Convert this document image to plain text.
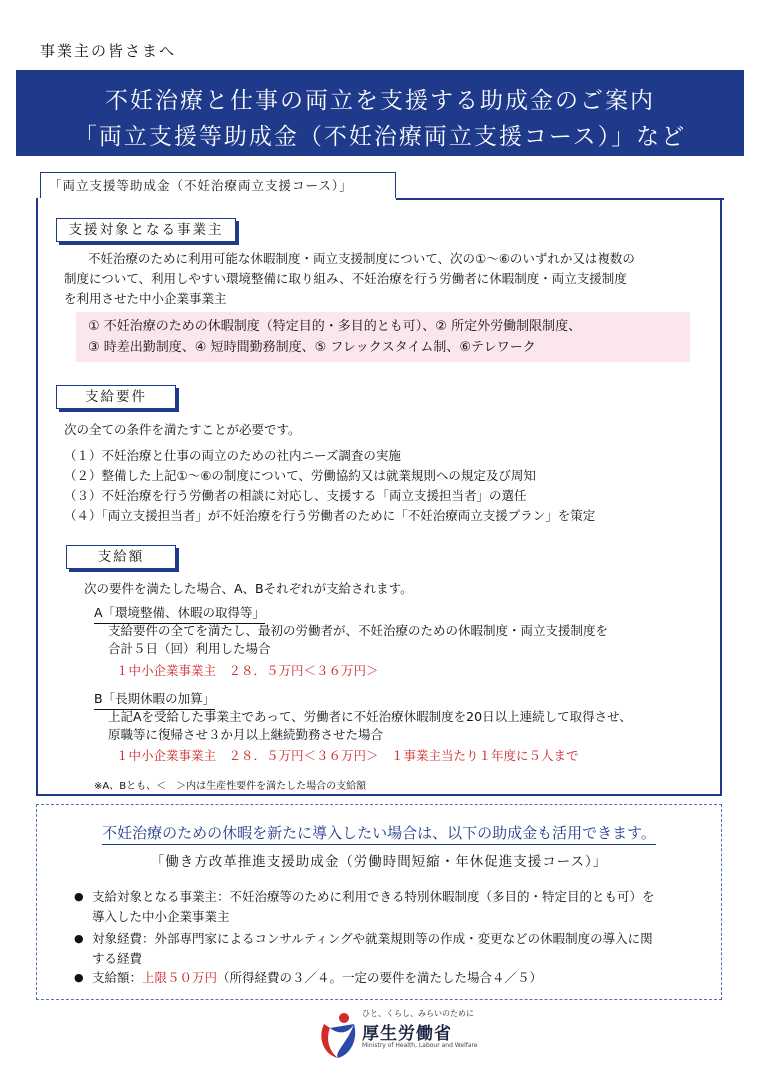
事業主の皆さまへ
不妊治療と仕事の両立を支援する助成金のご案内
「両立支援等助成金（不妊治療両立支援コース）」など
「両立支援等助成金（不妊治療両立支援コース）」
支援対象となる事業主
不妊治療のために利用可能な休暇制度・両立支援制度について、次の①～⑥のいずれか又は複数の
制度について、利用しやすい環境整備に取り組み、不妊治療を行う労働者に休暇制度・両立支援制度
を利用させた中小企業事業主
① 不妊治療のための休暇制度（特定目的・多目的とも可）、② 所定外労働制限制度、
③ 時差出勤制度、④ 短時間勤務制度、⑤ フレックスタイム制、⑥テレワーク
支給要件
次の全ての条件を満たすことが必要です。
（１）不妊治療と仕事の両立のための社内ニーズ調査の実施
（２）整備した上記①～⑥の制度について、労働協約又は就業規則への規定及び周知
（３）不妊治療を行う労働者の相談に対応し、支援する「両立支援担当者」の選任
（４）「両立支援担当者」が不妊治療を行う労働者のために「不妊治療両立支援プラン」を策定
支給額
次の要件を満たした場合、A、Bそれぞれが支給されます。
A「環境整備、休暇の取得等」
支給要件の全てを満たし、最初の労働者が、不妊治療のための休暇制度・両立支援制度を
合計５日（回）利用した場合
１中小企業事業主　２８．５万円＜３６万円＞
B「長期休暇の加算」
上記Aを受給した事業主であって、労働者に不妊治療休暇制度を20日以上連続して取得させ、
原職等に復帰させ３か月以上継続勤務させた場合
１中小企業事業主　２８．５万円＜３６万円＞　１事業主当たり１年度に５人まで
※A、Bとも、＜　＞内は生産性要件を満たした場合の支給額
不妊治療のための休暇を新たに導入したい場合は、以下の助成金も活用できます。
「働き方改革推進支援助成金（労働時間短縮・年休促進支援コース）」
● 支給対象となる事業主：不妊治療等のために利用できる特別休暇制度（多目的・特定目的とも可）を
導入した中小企業事業主
● 対象経費：外部専門家によるコンサルティングや就業規則等の作成・変更などの休暇制度の導入に関
する経費
● 支給額：上限５０万円（所得経費の３／４。一定の要件を満たした場合４／５）
ひと、くらし、みらいのために
厚生労働省
Ministry of Health, Labour and Welfare
